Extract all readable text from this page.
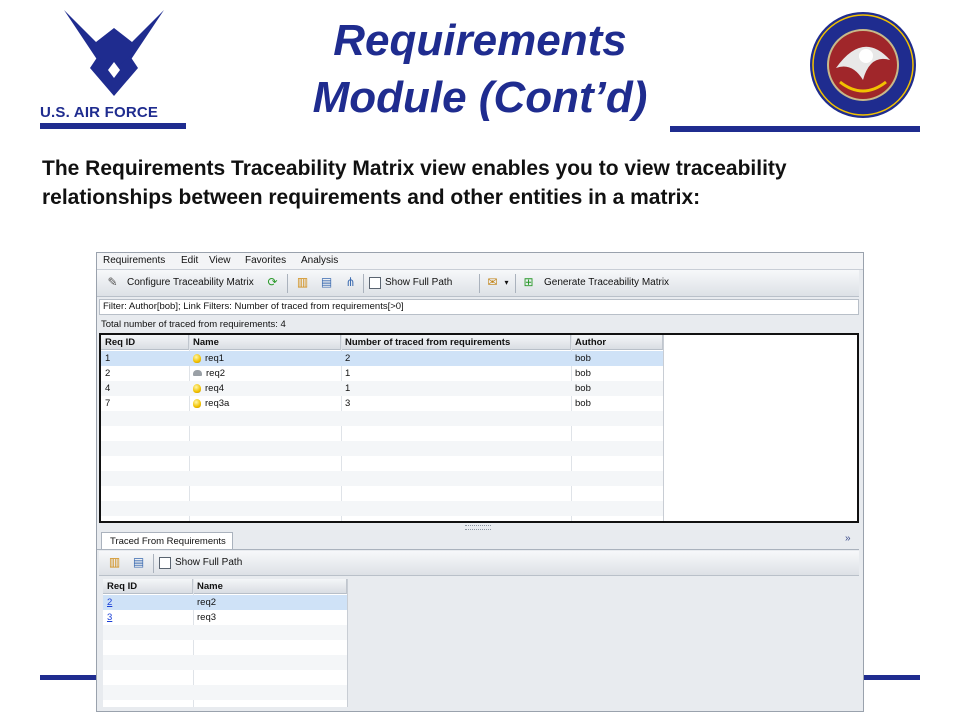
U.S. AIR FORCE
Requirements
Module (Cont’d)
The Requirements Traceability Matrix view enables you to view traceability relationships between requirements and other entities in a matrix:
Requirements Edit View Favorites Analysis
✎ Configure Traceability Matrix ⟳ ▥ ▤ ⋔	Show Full Path	✉ ▾	⊞ Generate Traceability Matrix
Filter: Author[bob]; Link Filters: Number of traced from requirements[>0]
Total number of traced from requirements: 4
Req ID	Name	Number of traced from requirements	Author
1	req1	2	bob
2	req2	1	bob
4	req4	1	bob
7	req3a	3	bob
Traced From Requirements	»
▥ ▤	Show Full Path
Req ID	Name
2	req2
3	req3
